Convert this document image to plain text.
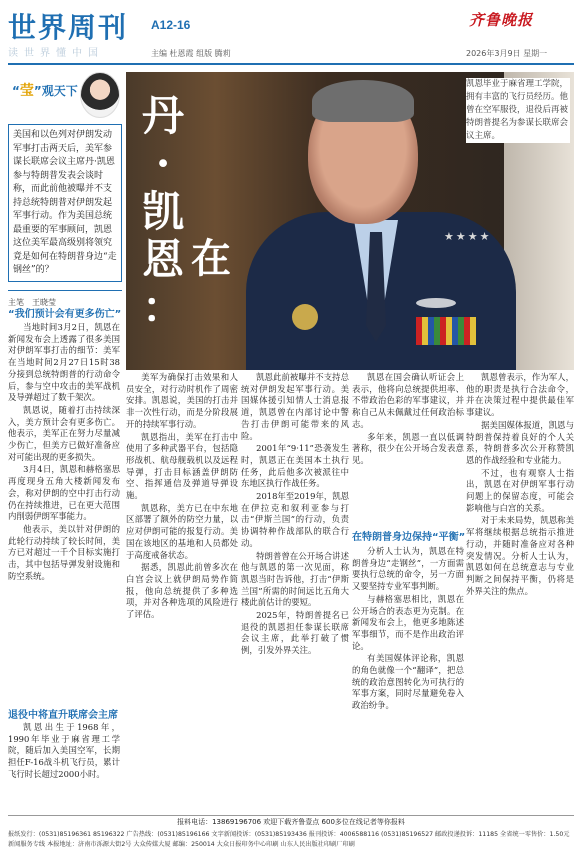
世界周刊 A12-16
读世界懂中国	主编 杜恩霞 组版 腾莉
齐鲁晚报
2026年3月9日 星期一
“莹”观天下
美国和以色列对伊朗发动军事打击两天后，美军参谋长联席会议主席丹·凯恩参与特朗普发表会谈时称，而此前他被曝并不支持总统特朗普对伊朗发起军事行动。作为美国总统最重要的军事顾问，凯恩这位美军最高级别将领究竟是如何在特朗普身边“走钢丝”的？
主笔　王晓莹
★★★★
丹
·
凯
恩
：
凯恩毕业于麻省理工学院，拥有丰富的飞行员经历。他曾在空军服役，退役后再被特朗普提名为参谋长联席会议主席。
“我们预计会有更多伤亡”

当地时间3月2日，凯恩在新闻发布会上透露了很多美国对伊朗军事打击的细节：美军在当地时间2月27日15时38分接到总统特朗普的行动命令后，参与空中攻击的美军战机及导弹超过了数千架次。

凯恩说，随着打击持续深入，美方预计会有更多伤亡。他表示，美军正在努力尽量减少伤亡，但美方已做好准备应对可能出现的更多损失。

3月4日，凯恩和赫格塞思再度现身五角大楼新闻发布会，称对伊朗的空中打击行动仍在持续推进，已在更大范围内削弱伊朗军事能力。

他表示，美以针对伊朗的此轮行动持续了较长时间，美方已对超过一千个目标实施打击，其中包括导弹发射设施和防空系统。

退役中将直升联席会主席

凯恩出生于1968年，1990年毕业于麻省理工学院，随后加入美国空军，长期担任F-16战斗机飞行员，累计飞行时长超过2000小时。

美军为确保打击效果和人员安全，对行动时机作了周密安排。凯恩说，美国的打击并非一次性行动，而是分阶段展开的持续军事行动。

凯恩指出，美军在打击中使用了多种武器平台，包括隐形战机、航母舰载机以及远程导弹，打击目标涵盖伊朗防空、指挥通信及弹道导弹设施。

凯恩称，美方已在中东地区部署了额外的防空力量，以应对伊朗可能的报复行动。美国在该地区的基地和人员都处于高度戒备状态。

据悉，凯恩此前曾多次在白宫会议上就伊朗局势作简报，他向总统提供了多种选项，并对各种选项的风险进行了评估。

凯恩此前被曝并不支持总统对伊朗发起军事行动。美国媒体援引知情人士消息报道，凯恩曾在内部讨论中警告打击伊朗可能带来的风险。

2001年“9·11”恐袭发生时，凯恩正在美国本土执行任务，此后他多次被派往中东地区执行作战任务。

2018年至2019年，凯恩在伊拉克和叙利亚参与打击“伊斯兰国”的行动，负责协调特种作战部队的联合行动。

特朗普曾在公开场合讲述他与凯恩的第一次见面，称凯恩当时告诉他，打击“伊斯兰国”所需的时间远比五角大楼此前估计的要短。

2025年，特朗普提名已退役的凯恩担任参谋长联席会议主席，此举打破了惯例，引发外界关注。

凯恩在国会确认听证会上表示，他将向总统提供坦率、不带政治色彩的军事建议，并称自己从未佩戴过任何政治标志。

多年来，凯恩一直以低调著称，很少在公开场合发表意见。

在特朗普身边保持“平衡”

分析人士认为，凯恩在特朗普身边“走钢丝”，一方面需要执行总统的命令，另一方面又要坚持专业军事判断。

与赫格塞思相比，凯恩在公开场合的表态更为克制。在新闻发布会上，他更多地陈述军事细节，而不是作出政治评论。

有美国媒体评论称，凯恩的角色就像一个“翻译”，把总统的政治意图转化为可执行的军事方案，同时尽量避免卷入政治纷争。

凯恩曾表示，作为军人，他的职责是执行合法命令，并在决策过程中提供最佳军事建议。

据美国媒体报道，凯恩与特朗普保持着良好的个人关系，特朗普多次公开称赞凯恩的作战经验和专业能力。

不过，也有观察人士指出，凯恩在对伊朗军事行动问题上的保留态度，可能会影响他与白宫的关系。

对于未来局势，凯恩称美军将继续根据总统指示推进行动，并随时准备应对各种突发情况。分析人士认为，凯恩如何在总统意志与专业判断之间保持平衡，仍将是外界关注的焦点。

在
报料电话：13869196706 欢迎下载齐鲁壹点 600多位在线记者等你报料
报纸发行：(0531)85196361 85196322 广告热线：(0531)85196166 文字新闻投诉：(0531)85193436 报刊投诉：4006588116 (0531)85196527 邮政投递投诉：11185 全省统一零售价：1.50元
新闻服务专线 本报地址：济南市泺源大街2号 大众传媒大厦 邮编：250014 大众日报印务中心印刷 山东人民出版社印刷厂印刷
